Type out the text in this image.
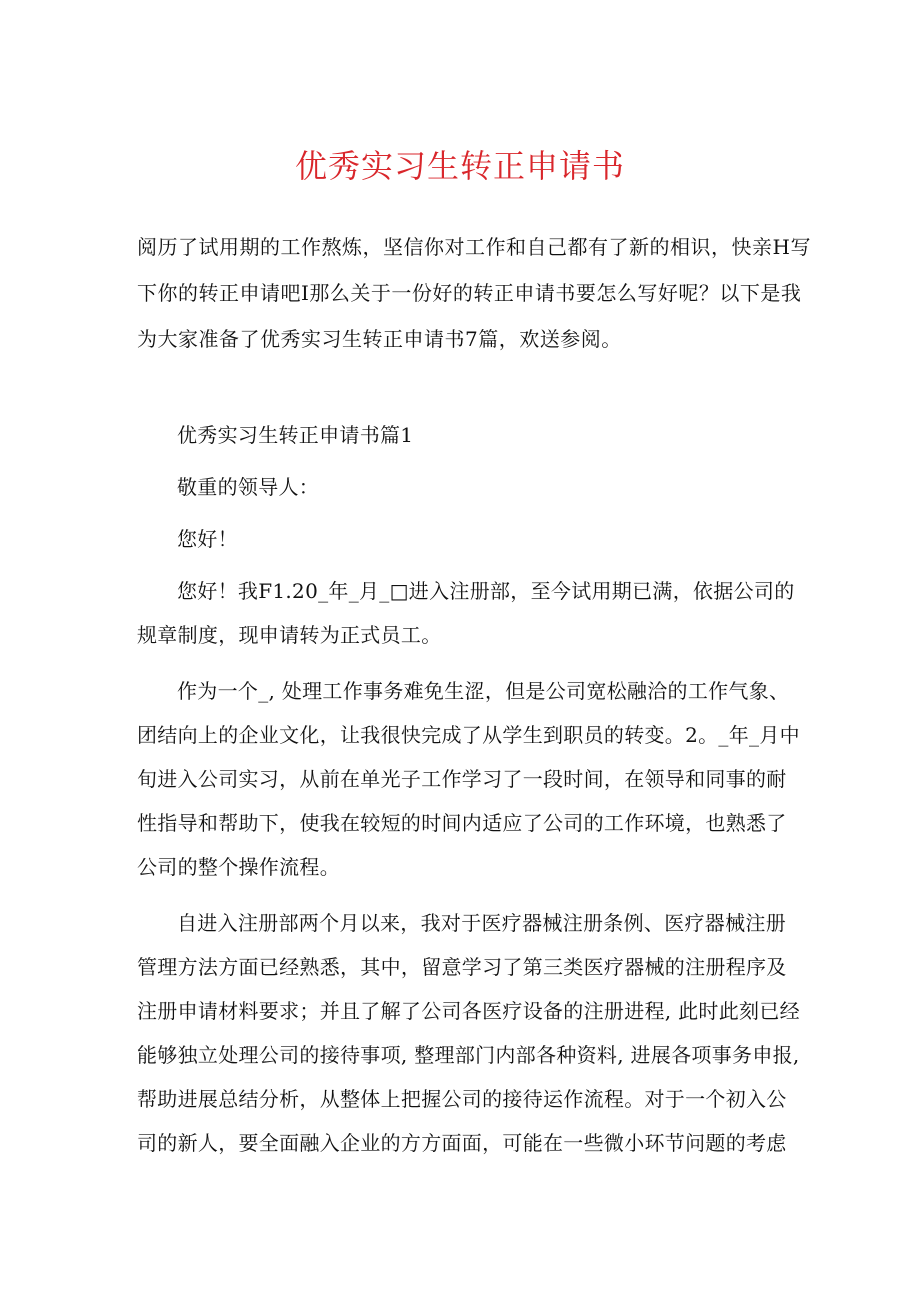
优秀实习生转正申请书
阅历了试用期的工作熬炼，坚信你对工作和自己都有了新的相识，快亲H写
下你的转正申请吧I那么关于一份好的转正申请书要怎么写好呢？以下是我
为大家准备了优秀实习生转正申请书7篇，欢送参阅。

优秀实习生转正申请书篇1

敬重的领导人：

您好！

您好！我F1.20_年_月_□进入注册部，至今试用期已满，依据公司的
规章制度，现申请转为正式员工。

作为一个_, 处理工作事务难免生涩，但是公司宽松融洽的工作气象、
团结向上的企业文化，让我很快完成了从学生到职员的转变。2。_年_月中
旬进入公司实习，从前在单光子工作学习了一段时间，在领导和同事的耐
性指导和帮助下，使我在较短的时间内适应了公司的工作环境，也熟悉了
公司的整个操作流程。

自进入注册部两个月以来，我对于医疗器械注册条例、医疗器械注册
管理方法方面已经熟悉，其中，留意学习了第三类医疗器械的注册程序及
注册申请材料要求；并且了解了公司各医疗设备的注册进程, 此时此刻已经
能够独立处理公司的接待事项, 整理部门内部各种资料, 进展各项事务申报,
帮助进展总结分析，从整体上把握公司的接待运作流程。对于一个初入公
司的新人，要全面融入企业的方方面面，可能在一些微小环节问题的考虑
